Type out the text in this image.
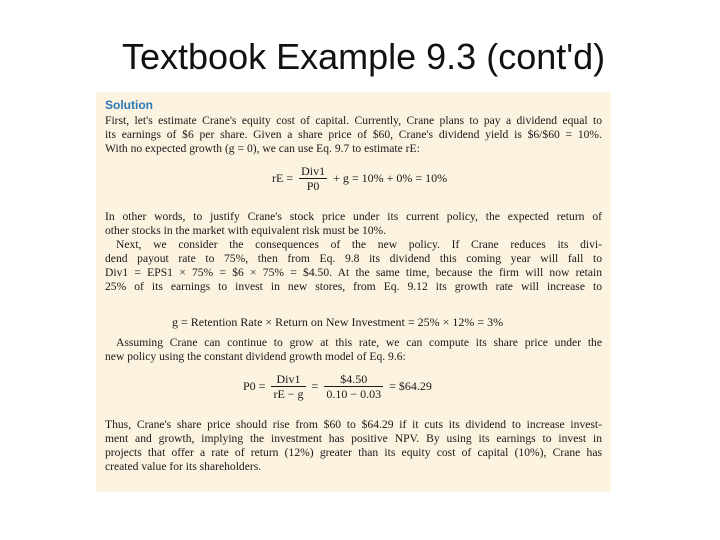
Textbook Example 9.3 (cont'd)
Solution
First, let's estimate Crane's equity cost of capital. Currently, Crane plans to pay a dividend equal to
its earnings of $6 per share. Given a share price of $60, Crane's dividend yield is $6/$60 = 10%.
With no expected growth (g = 0), we can use Eq. 9.7 to estimate rE:
rE = $\frac{\text{Div1}}{P0} + g = 10\% + 0\% = 10\%$
In other words, to justify Crane's stock price under its current policy, the expected return of
other stocks in the market with equivalent risk must be 10%.
Next, we consider the consequences of the new policy. If Crane reduces its divi-
dend payout rate to 75%, then from Eq. 9.8 its dividend this coming year will fall to
Div1 = EPS1 × 75% = $6 × 75% = $4.50. At the same time, because the firm will now retain
25% of its earnings to invest in new stores, from Eq. 9.12 its growth rate will increase to
g = Retention Rate × Return on New Investment = 25% × 12% = 3%
Assuming Crane can continue to grow at this rate, we can compute its share price under the
new policy using the constant dividend growth model of Eq. 9.6:
$P0 = \frac{\text{Div1}}{rE - g} = \frac{\$4.50}{0.10 - 0.03}$ = $64.29
Thus, Crane's share price should rise from $60 to $64.29 if it cuts its dividend to increase invest-
ment and growth, implying the investment has positive NPV. By using its earnings to invest in
projects that offer a rate of return (12%) greater than its equity cost of capital (10%), Crane has
created value for its shareholders.
